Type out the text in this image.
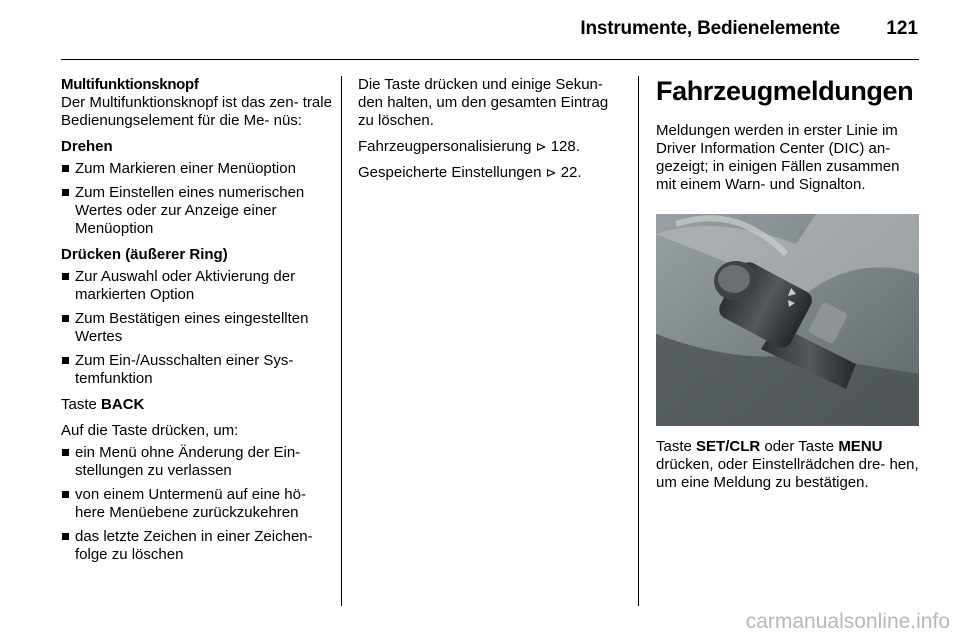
Instrumente, Bedienelemente 121

Multifunktionsknopf

Der Multifunktionsknopf ist das zen- trale Bedienungselement für die Me- nüs:

Drehen

Zum Markieren einer Menüoption
Zum Einstellen eines numerischen Wertes oder zur Anzeige einer Menüoption

Drücken (äußerer Ring)

Zur Auswahl oder Aktivierung der markierten Option
Zum Bestätigen eines eingestellten Wertes
Zum Ein-/Ausschalten einer Sys- temfunktion

Taste BACK

Auf die Taste drücken, um:

ein Menü ohne Änderung der Ein- stellungen zu verlassen
von einem Untermenü auf eine hö- here Menüebene zurückzukehren
das letzte Zeichen in einer Zeichen- folge zu löschen

Die Taste drücken und einige Sekun- den halten, um den gesamten Eintrag zu löschen.

Fahrzeugpersonalisierung ⊳ 128.

Gespeicherte Einstellungen ⊳ 22.

Fahrzeugmeldungen

Meldungen werden in erster Linie im Driver Information Center (DIC) an- gezeigt; in einigen Fällen zusammen mit einem Warn- und Signalton.

Taste SET/CLR oder Taste MENU drücken, oder Einstellrädchen dre- hen, um eine Meldung zu bestätigen.

carmanualsonline.info
